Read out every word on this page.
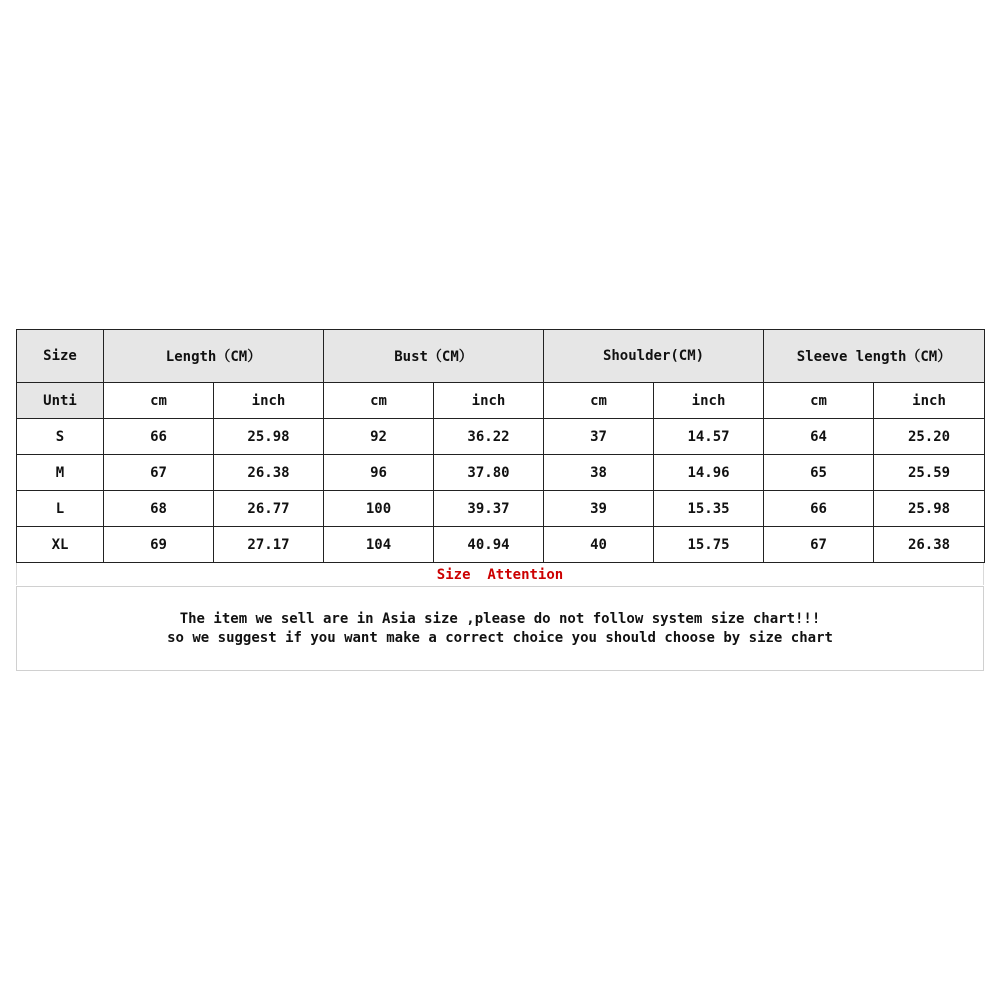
Size	Length（CM）		Bust（CM）		Shoulder(CM)		Sleeve length（CM）	
Unti	cm	inch	cm	inch	cm	inch	cm	inch
S	66	25.98	92	36.22	37	14.57	64	25.20
M	67	26.38	96	37.80	38	14.96	65	25.59
L	68	26.77	100	39.37	39	15.35	66	25.98
XL	69	27.17	104	40.94	40	15.75	67	26.38
Size  Attention
The item we sell are in Asia size ,please do not follow system size chart!!!
so we suggest if you want make a correct choice you should choose by size chart
